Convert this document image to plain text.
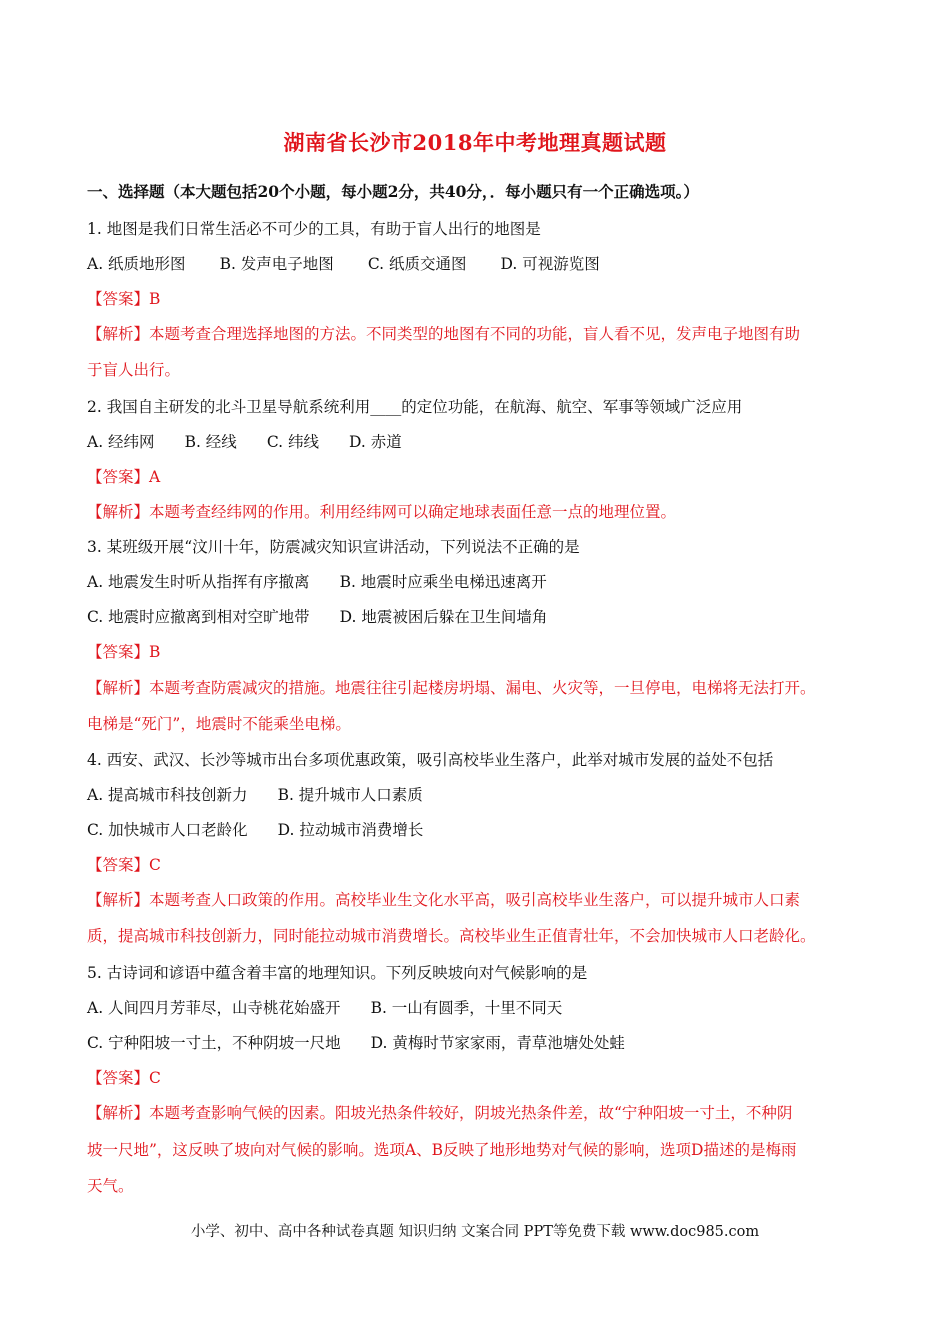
湖南省长沙市2018年中考地理真题试题
一、选择题（本大题包括20个小题，每小题2分，共40分，．每小题只有一个正确选项。）
1. 地图是我们日常生活必不可少的工具，有助于盲人出行的地图是
A. 纸质地形图 B. 发声电子地图 C. 纸质交通图 D. 可视游览图
【答案】B
【解析】本题考查合理选择地图的方法。不同类型的地图有不同的功能，盲人看不见，发声电子地图有助
于盲人出行。
2. 我国自主研发的北斗卫星导航系统利用____的定位功能，在航海、航空、军事等领域广泛应用
A. 经纬网 B. 经线 C. 纬线 D. 赤道
【答案】A
【解析】本题考查经纬网的作用。利用经纬网可以确定地球表面任意一点的地理位置。
3. 某班级开展“汶川十年，防震减灾知识宣讲活动，下列说法不正确的是
A. 地震发生时听从指挥有序撤离 B. 地震时应乘坐电梯迅速离开
C. 地震时应撤离到相对空旷地带 D. 地震被困后躲在卫生间墙角
【答案】B
【解析】本题考查防震减灾的措施。地震往往引起楼房坍塌、漏电、火灾等，一旦停电，电梯将无法打开。
电梯是“死门”，地震时不能乘坐电梯。
4. 西安、武汉、长沙等城市出台多项优惠政策，吸引高校毕业生落户，此举对城市发展的益处不包括
A. 提高城市科技创新力 B. 提升城市人口素质
C. 加快城市人口老龄化 D. 拉动城市消费增长
【答案】C
【解析】本题考查人口政策的作用。高校毕业生文化水平高，吸引高校毕业生落户，可以提升城市人口素
质，提高城市科技创新力，同时能拉动城市消费增长。高校毕业生正值青壮年，不会加快城市人口老龄化。
5. 古诗词和谚语中蕴含着丰富的地理知识。下列反映坡向对气候影响的是
A. 人间四月芳菲尽，山寺桃花始盛开 B. 一山有圆季，十里不同天
C. 宁种阳坡一寸土，不种阴坡一尺地 D. 黄梅时节家家雨，青草池塘处处蛙
【答案】C
【解析】本题考查影响气候的因素。阳坡光热条件较好，阴坡光热条件差，故“宁种阳坡一寸土，不种阴
坡一尺地”，这反映了坡向对气候的影响。选项A、B反映了地形地势对气候的影响，选项D描述的是梅雨
天气。
小学、初中、高中各种试卷真题 知识归纳 文案合同 PPT等免费下载 www.doc985.com
